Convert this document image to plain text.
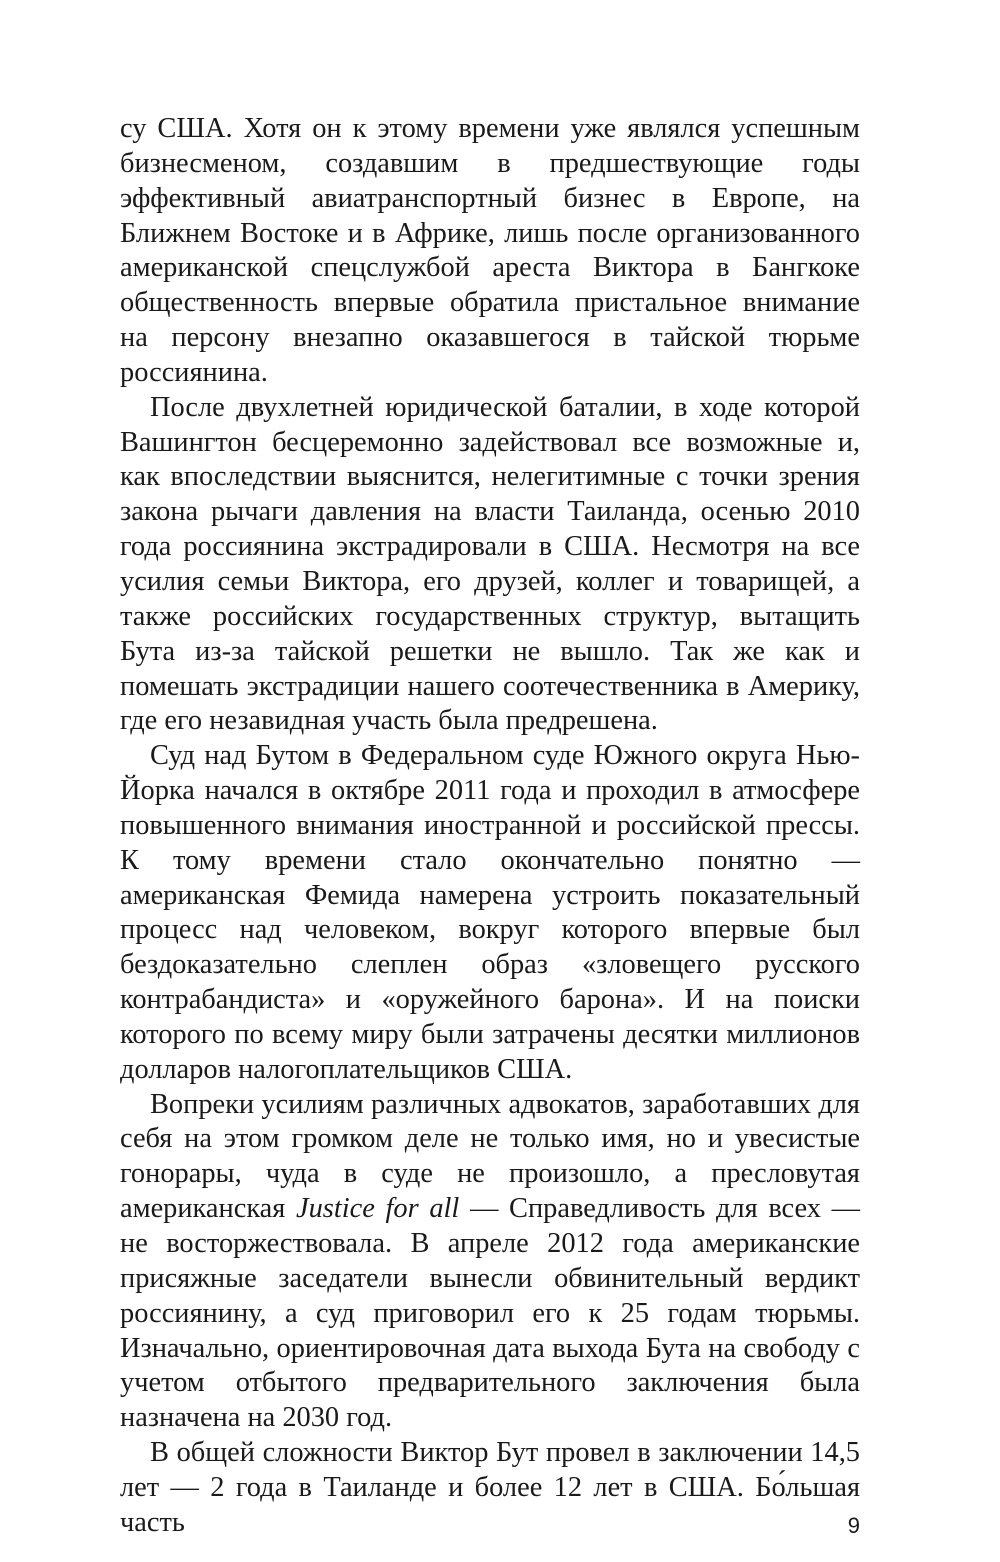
су США. Хотя он к этому времени уже являлся успешным бизнесменом, создавшим в предшествующие годы эффективный авиатранспортный бизнес в Европе, на Ближнем Востоке и в Африке, лишь после организованного американской спецслужбой ареста Виктора в Бангкоке общественность впервые обратила пристальное внимание на персону внезапно оказавшегося в тайской тюрьме россиянина.

После двухлетней юридической баталии, в ходе которой Вашингтон бесцеремонно задействовал все возможные и, как впоследствии выяснится, нелегитимные с точки зрения закона рычаги давления на власти Таиланда, осенью 2010 года россиянина экстрадировали в США. Несмотря на все усилия семьи Виктора, его друзей, коллег и товарищей, а также российских государственных структур, вытащить Бута из-за тайской решетки не вышло. Так же как и помешать экстрадиции нашего соотечественника в Америку, где его незавидная участь была предрешена.

Суд над Бутом в Федеральном суде Южного округа Нью-Йорка начался в октябре 2011 года и проходил в атмосфере повышенного внимания иностранной и российской прессы. К тому времени стало окончательно понятно — американская Фемида намерена устроить показательный процесс над человеком, вокруг которого впервые был бездоказательно слеплен образ «зловещего русского контрабандиста» и «оружейного барона». И на поиски которого по всему миру были затрачены десятки миллионов долларов налогоплательщиков США.

Вопреки усилиям различных адвокатов, заработавших для себя на этом громком деле не только имя, но и увесистые гонорары, чуда в суде не произошло, а пресловутая американская Justice for all — Справедливость для всех — не восторжествовала. В апреле 2012 года американские присяжные заседатели вынесли обвинительный вердикт россиянину, а суд приговорил его к 25 годам тюрьмы. Изначально, ориентировочная дата выхода Бута на свободу с учетом отбытого предварительного заключения была назначена на 2030 год.

В общей сложности Виктор Бут провел в заключении 14,5 лет — 2 года в Таиланде и более 12 лет в США. Бо́льшая часть	9
